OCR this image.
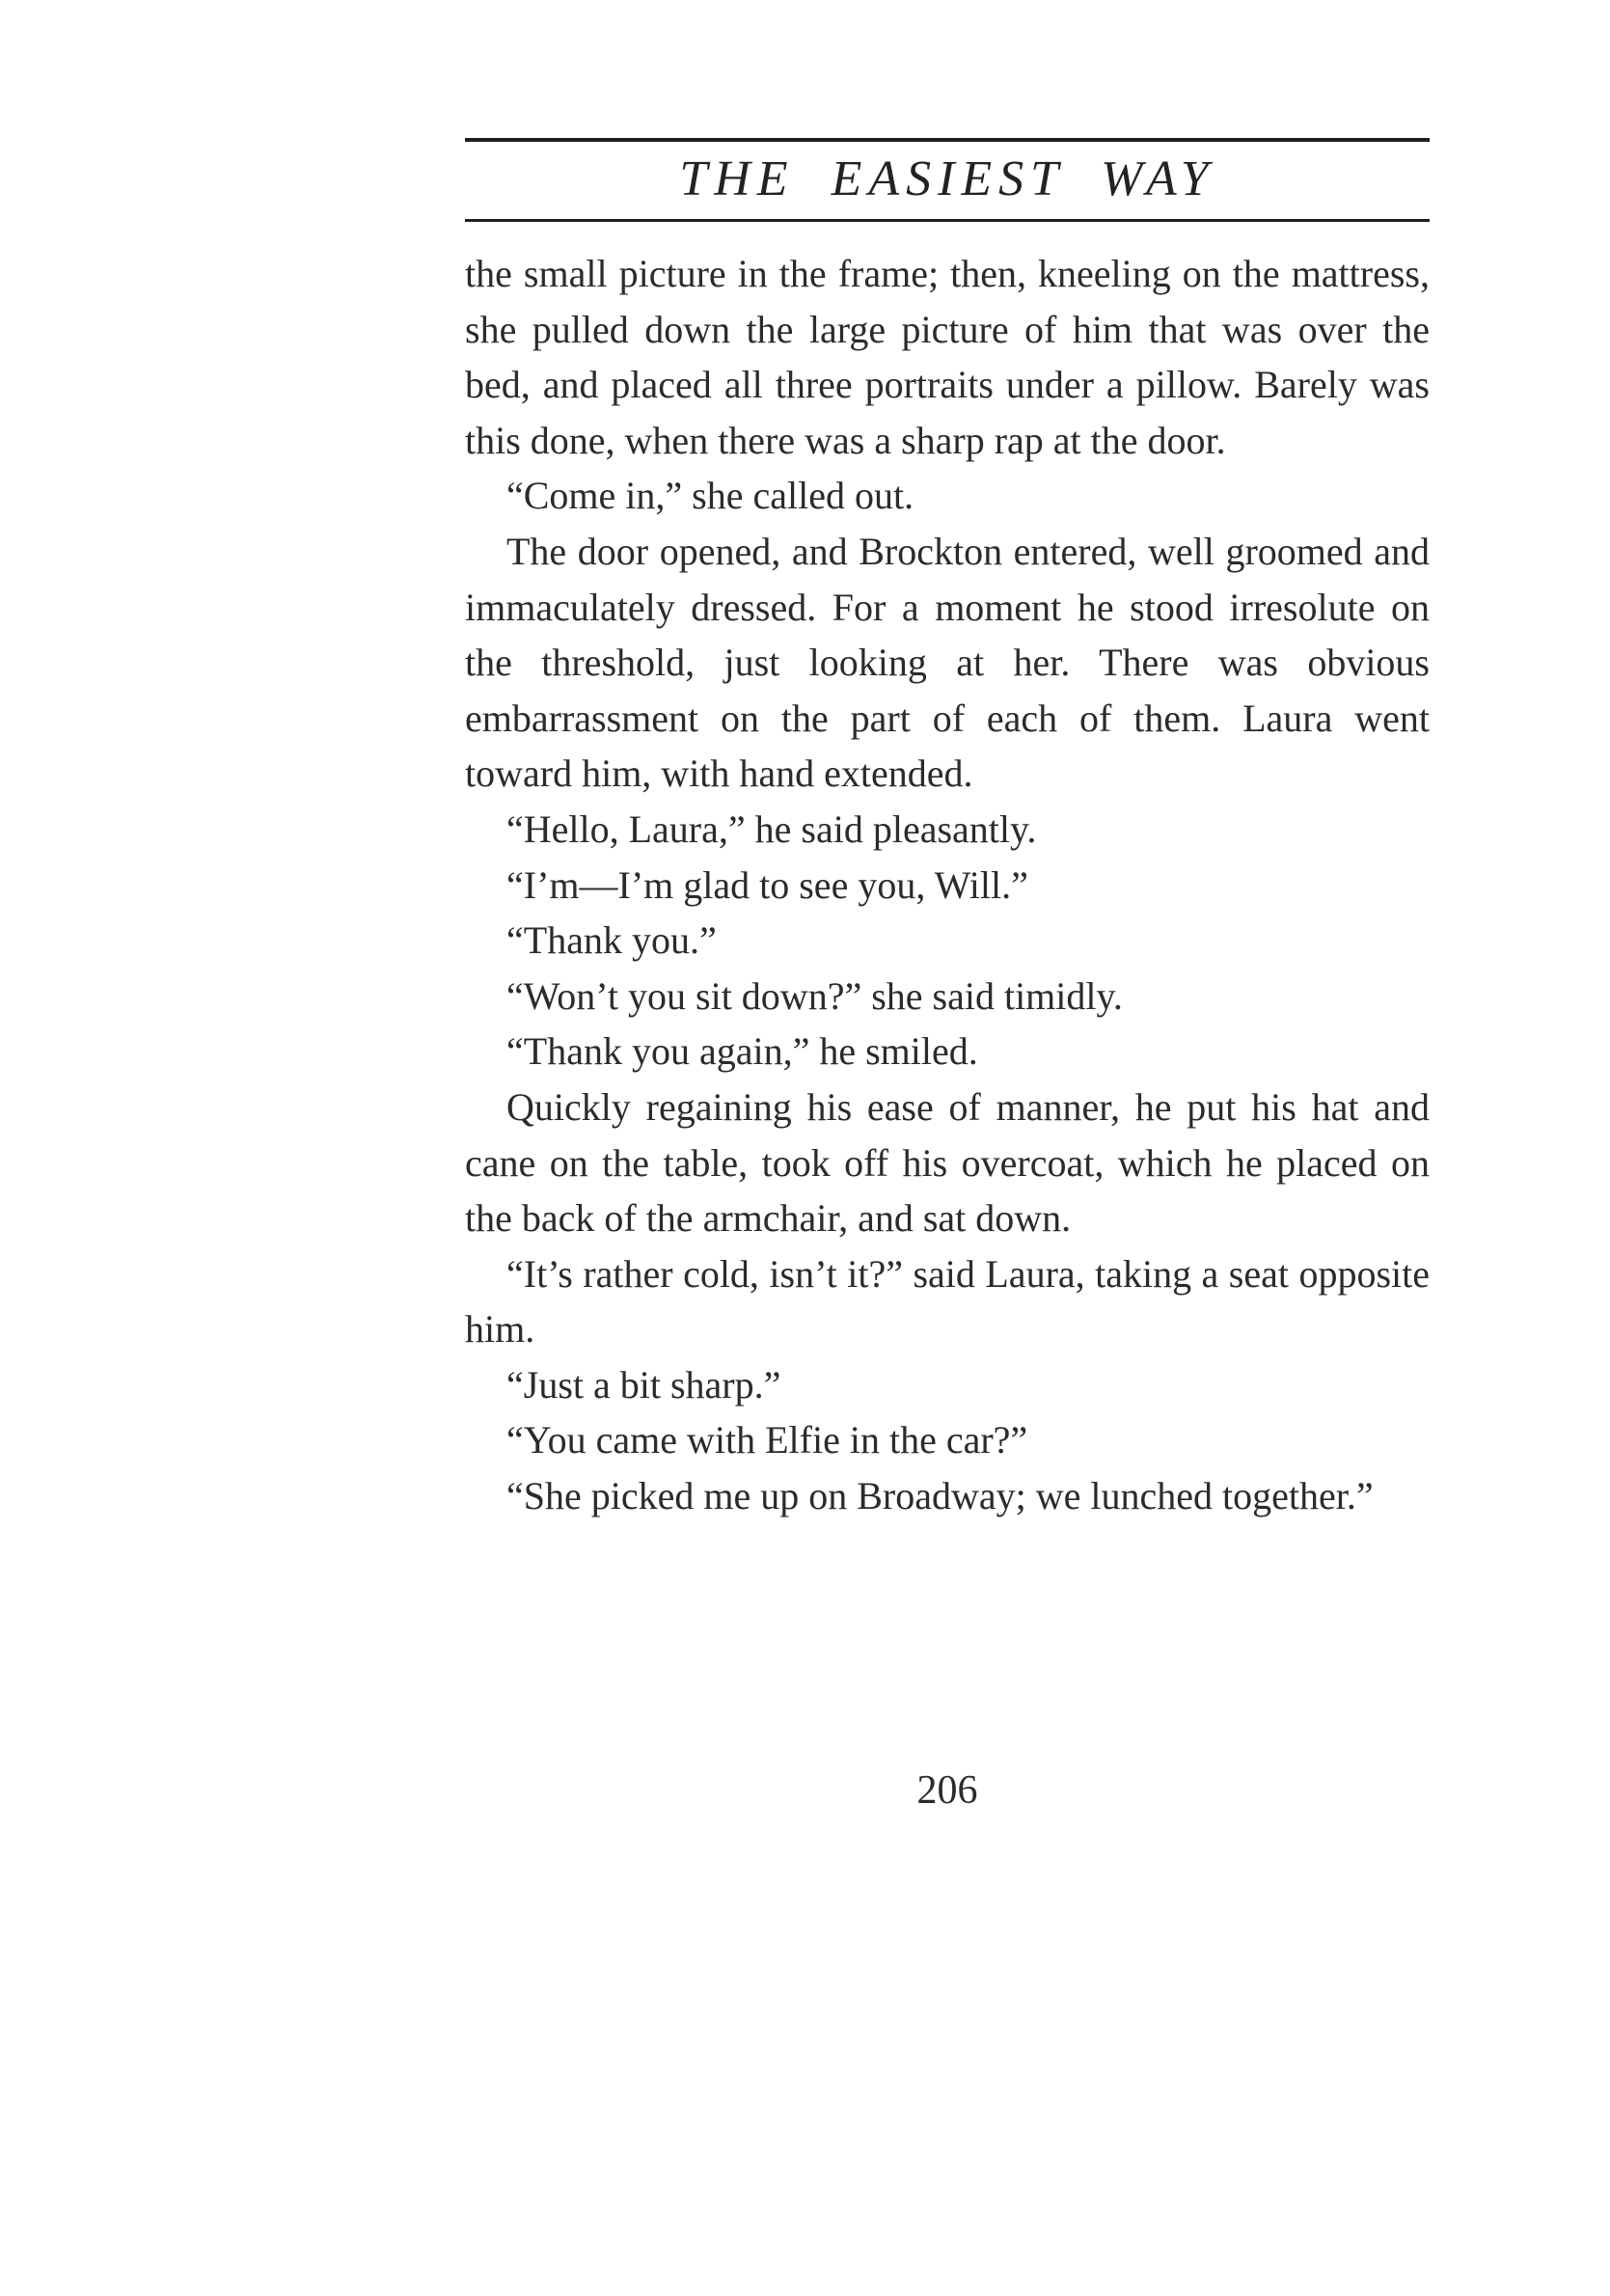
THE EASIEST WAY

the small picture in the frame; then, kneeling on the mattress, she pulled down the large picture of him that was over the bed, and placed all three portraits under a pillow. Barely was this done, when there was a sharp rap at the door.

“Come in,” she called out.

The door opened, and Brockton entered, well groomed and immaculately dressed. For a moment he stood irresolute on the threshold, just looking at her. There was obvious embarrassment on the part of each of them. Laura went toward him, with hand extended.

“Hello, Laura,” he said pleasantly.

“I’m—I’m glad to see you, Will.”

“Thank you.”

“Won’t you sit down?” she said timidly.

“Thank you again,” he smiled.

Quickly regaining his ease of manner, he put his hat and cane on the table, took off his overcoat, which he placed on the back of the armchair, and sat down.

“It’s rather cold, isn’t it?” said Laura, taking a seat opposite him.

“Just a bit sharp.”

“You came with Elfie in the car?”

“She picked me up on Broadway; we lunched together.”

206
